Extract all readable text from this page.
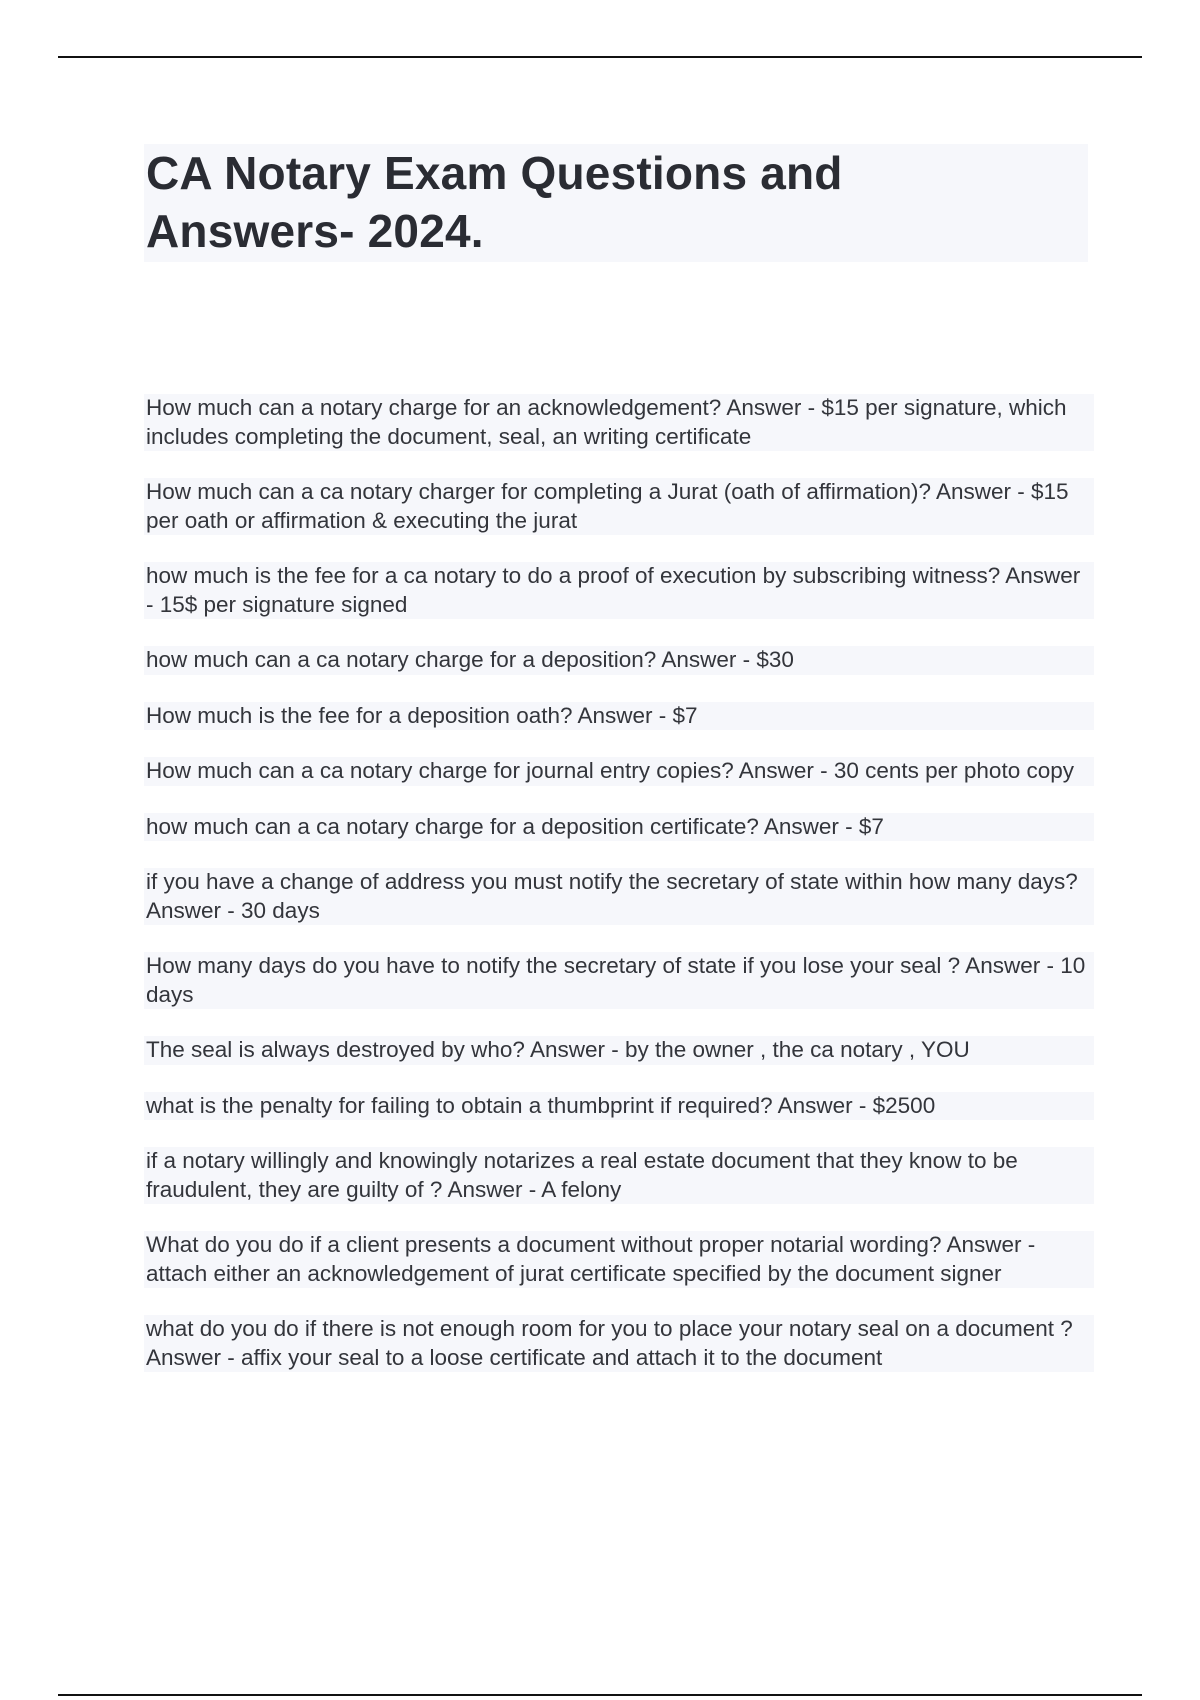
CA Notary Exam Questions and Answers- 2024.

How much can a notary charge for an acknowledgement? Answer - $15 per signature, which includes completing the document, seal, an writing certificate

How much can a ca notary charger for completing a Jurat (oath of affirmation)? Answer - $15 per oath or affirmation & executing the jurat

how much is the fee for a ca notary to do a proof of execution by subscribing witness? Answer - 15$ per signature signed

how much can a ca notary charge for a deposition? Answer - $30

How much is the fee for a deposition oath? Answer - $7

How much can a ca notary charge for journal entry copies? Answer - 30 cents per photo copy

how much can a ca notary charge for a deposition certificate? Answer - $7

if you have a change of address you must notify the secretary of state within how many days? Answer - 30 days

How many days do you have to notify the secretary of state if you lose your seal ? Answer - 10 days

The seal is always destroyed by who? Answer - by the owner , the ca notary , YOU

what is the penalty for failing to obtain a thumbprint if required? Answer - $2500

if a notary willingly and knowingly notarizes a real estate document that they know to be fraudulent, they are guilty of ? Answer - A felony

What do you do if a client presents a document without proper notarial wording? Answer - attach either an acknowledgement of jurat certificate specified by the document signer

what do you do if there is not enough room for you to place your notary seal on a document ? Answer - affix your seal to a loose certificate and attach it to the document
